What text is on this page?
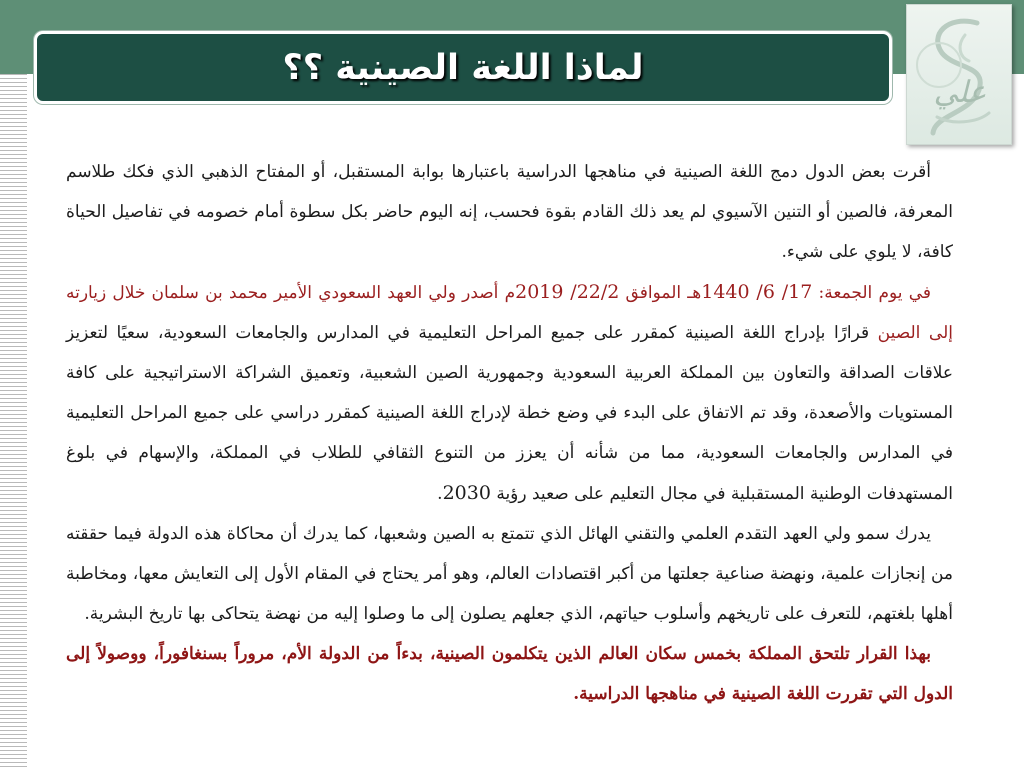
لماذا اللغة الصينية ؟؟
علي

أقرت بعض الدول دمج اللغة الصينية في مناهجها الدراسية باعتبارها بوابة المستقبل، أو المفتاح الذهبي الذي فكك طلاسم المعرفة، فالصين أو التنين الآسيوي لم يعد ذلك القادم بقوة فحسب، إنه اليوم حاضر بكل سطوة أمام خصومه في تفاصيل الحياة كافة، لا يلوي على شيء.

في يوم الجمعة: 17/ 6/ 1440هـ الموافق 22/2/ 2019م أصدر ولي العهد السعودي الأمير محمد بن سلمان خلال زيارته إلى الصين قرارًا بإدراج اللغة الصينية كمقرر على جميع المراحل التعليمية في المدارس والجامعات السعودية، سعيًا لتعزيز علاقات الصداقة والتعاون بين المملكة العربية السعودية وجمهورية الصين الشعبية، وتعميق الشراكة الاستراتيجية على كافة المستويات والأصعدة، وقد تم الاتفاق على البدء في وضع خطة لإدراج اللغة الصينية كمقرر دراسي على جميع المراحل التعليمية في المدارس والجامعات السعودية، مما من شأنه أن يعزز من التنوع الثقافي للطلاب في المملكة، والإسهام في بلوغ المستهدفات الوطنية المستقبلية في مجال التعليم على صعيد رؤية 2030.

يدرك سمو ولي العهد التقدم العلمي والتقني الهائل الذي تتمتع به الصين وشعبها، كما يدرك أن محاكاة هذه الدولة فيما حققته من إنجازات علمية، ونهضة صناعية جعلتها من أكبر اقتصادات العالم، وهو أمر يحتاج في المقام الأول إلى التعايش معها، ومخاطبة أهلها بلغتهم، للتعرف على تاريخهم وأسلوب حياتهم، الذي جعلهم يصلون إلى ما وصلوا إليه من نهضة يتحاكى بها تاريخ البشرية.

بهذا القرار تلتحق المملكة بخمس سكان العالم الذين يتكلمون الصينية، بدءاً من الدولة الأم، مروراً بسنغافوراً، ووصولاً إلى الدول التي تقررت اللغة الصينية في مناهجها الدراسية.
